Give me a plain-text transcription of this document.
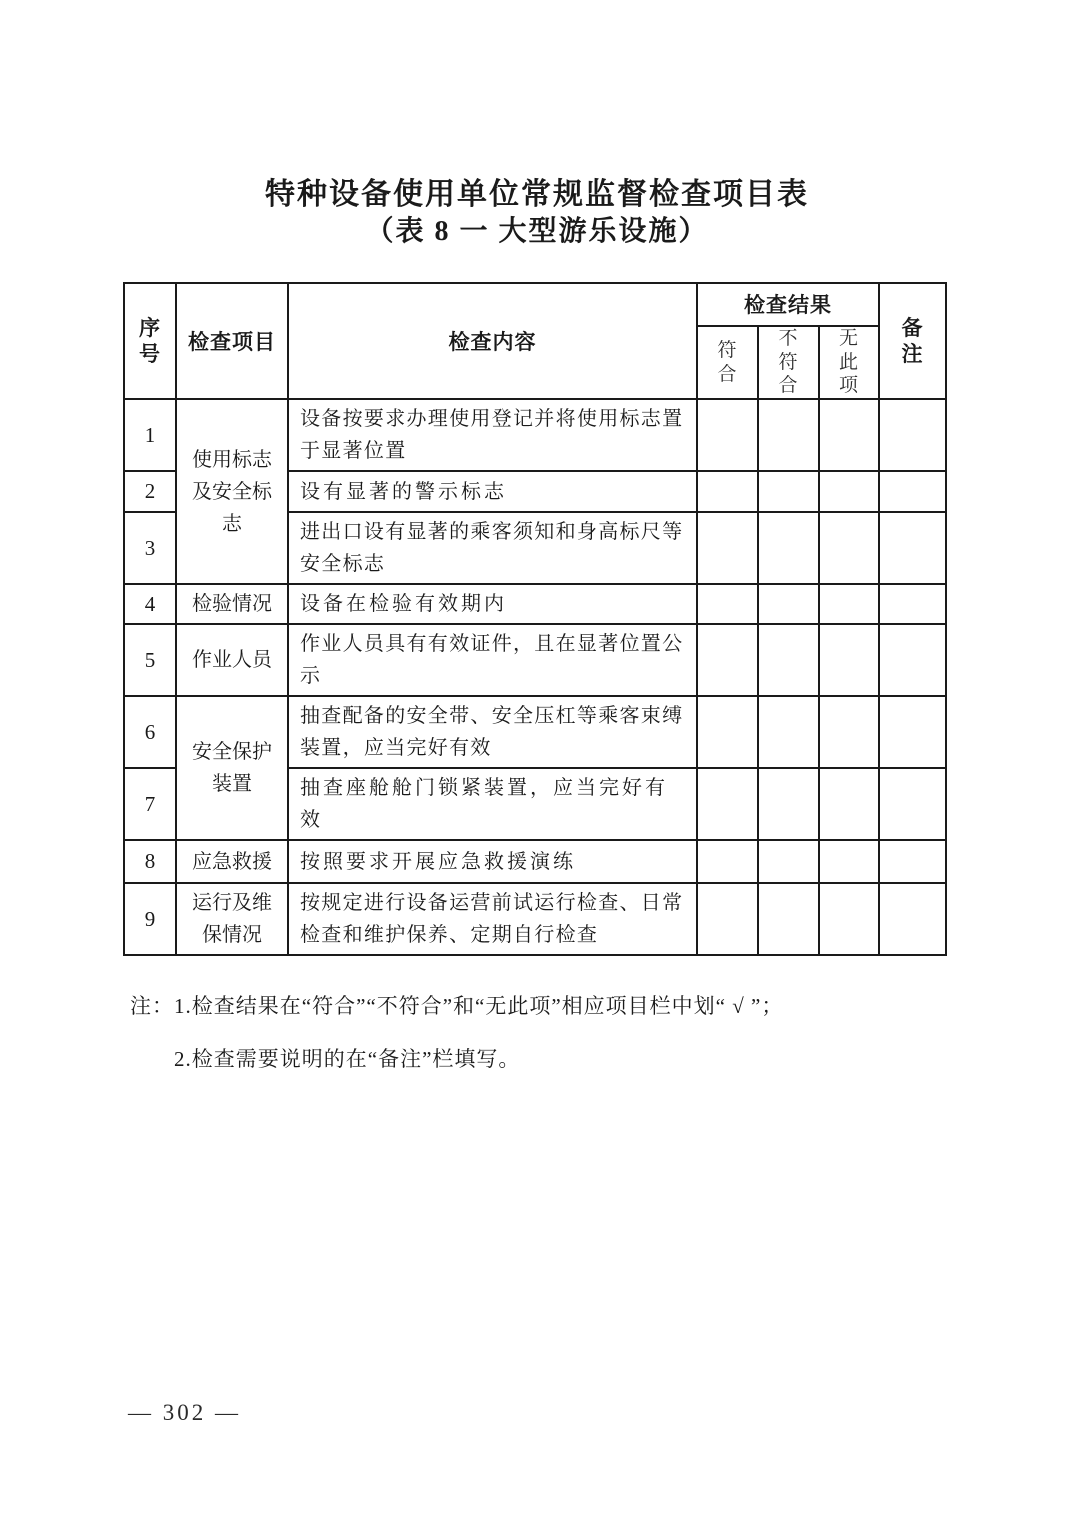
特种设备使用单位常规监督检查项目表
（表 8 一 大型游乐设施）
序号	检查项目	检查内容	检查结果			备注

			符合	不符合	无此项	

1	使用标志及安全标志	设备按要求办理使用登记并将使用标志置于显著位置				

2		设有显著的警示标志				

3		进出口设有显著的乘客须知和身高标尺等安全标志				

4	检验情况	设备在检验有效期内				

5	作业人员	作业人员具有有效证件，且在显著位置公示				

6	安全保护装置	抽查配备的安全带、安全压杠等乘客束缚装置，应当完好有效				

7		抽查座舱舱门锁紧装置，应当完好有效				

8	应急救援	按照要求开展应急救援演练				

9	运行及维保情况	按规定进行设备运营前试运行检查、日常检查和维护保养、定期自行检查				

注：1.检查结果在“符合”“不符合”和“无此项”相应项目栏中划“ √ ”；
2.检查需要说明的在“备注”栏填写。
— 302 —
